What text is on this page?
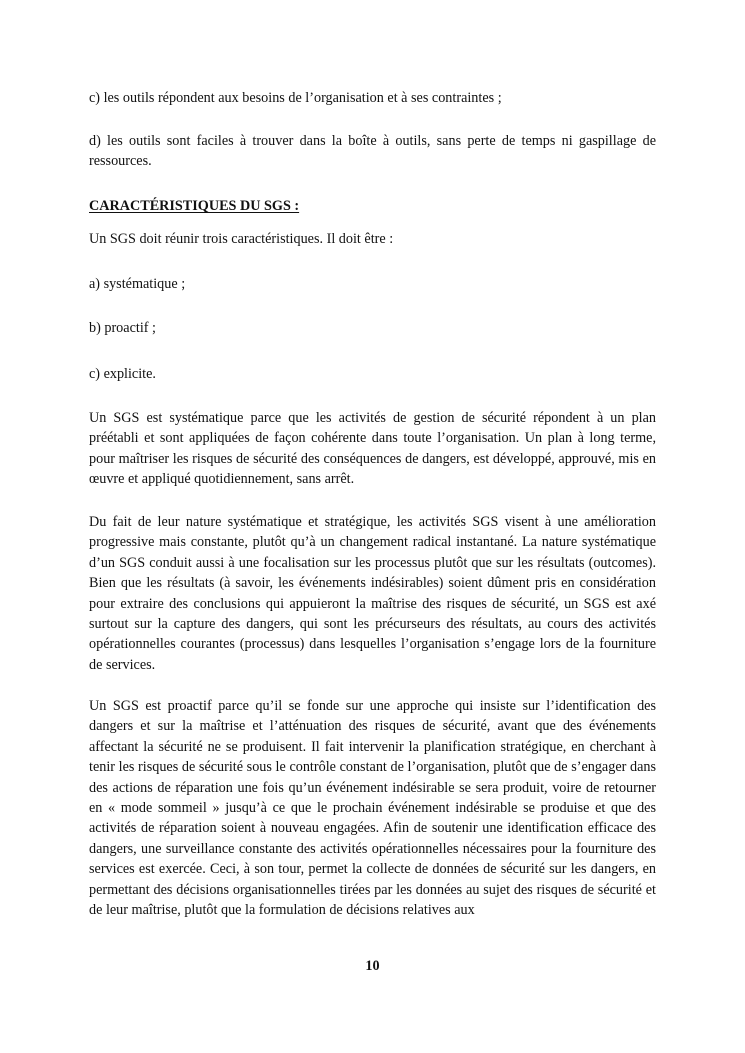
c) les outils répondent aux besoins de l’organisation et à ses contraintes ;

d) les outils sont faciles à trouver dans la boîte à outils, sans perte de temps ni gaspillage de ressources.

CARACTÉRISTIQUES DU SGS :

Un SGS doit réunir trois caractéristiques. Il doit être :

a) systématique ;

b) proactif ;

c) explicite.

Un SGS est systématique parce que les activités de gestion de sécurité répondent à un plan préétabli et sont appliquées de façon cohérente dans toute l’organisation. Un plan à long terme, pour maîtriser les risques de sécurité des conséquences de dangers, est développé, approuvé, mis en œuvre et appliqué quotidiennement, sans arrêt.

Du fait de leur nature systématique et stratégique, les activités SGS visent à une amélioration progressive mais constante, plutôt qu’à un changement radical instantané. La nature systématique d’un SGS conduit aussi à une focalisation sur les processus plutôt que sur les résultats (outcomes). Bien que les résultats (à savoir, les événements indésirables) soient dûment pris en considération pour extraire des conclusions qui appuieront la maîtrise des risques de sécurité, un SGS est axé surtout sur la capture des dangers, qui sont les précurseurs des résultats, au cours des activités opérationnelles courantes (processus) dans lesquelles l’organisation s’engage lors de la fourniture de services.

Un SGS est proactif parce qu’il se fonde sur une approche qui insiste sur l’identification des dangers et sur la maîtrise et l’atténuation des risques de sécurité, avant que des événements affectant la sécurité ne se produisent. Il fait intervenir la planification stratégique, en cherchant à tenir les risques de sécurité sous le contrôle constant de l’organisation, plutôt que de s’engager dans des actions de réparation une fois qu’un événement indésirable se sera produit, voire de retourner en « mode sommeil » jusqu’à ce que le prochain événement indésirable se produise et que des activités de réparation soient à nouveau engagées. Afin de soutenir une identification efficace des dangers, une surveillance constante des activités opérationnelles nécessaires pour la fourniture des services est exercée. Ceci, à son tour, permet la collecte de données de sécurité sur les dangers, en permettant des décisions organisationnelles tirées par les données au sujet des risques de sécurité et de leur maîtrise, plutôt que la formulation de décisions relatives aux

10
